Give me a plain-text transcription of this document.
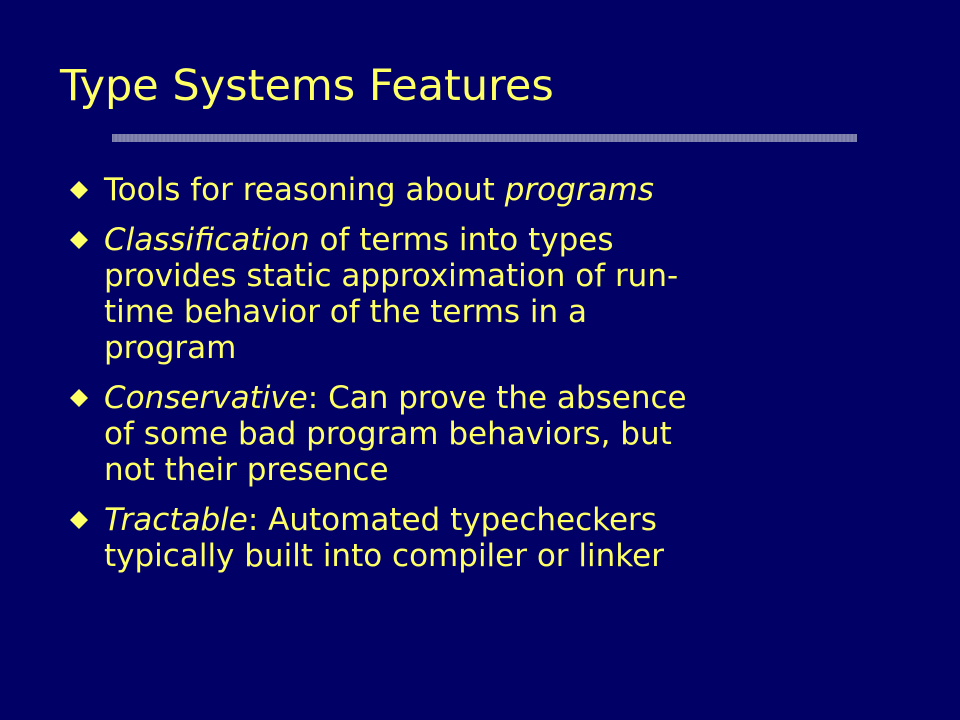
Type Systems Features
Tools for reasoning about programs
Classification of terms into types
provides static approximation of run-
time behavior of the terms in a
program
Conservative: Can prove the absence
of some bad program behaviors, but
not their presence
Tractable: Automated typecheckers
typically built into compiler or linker
